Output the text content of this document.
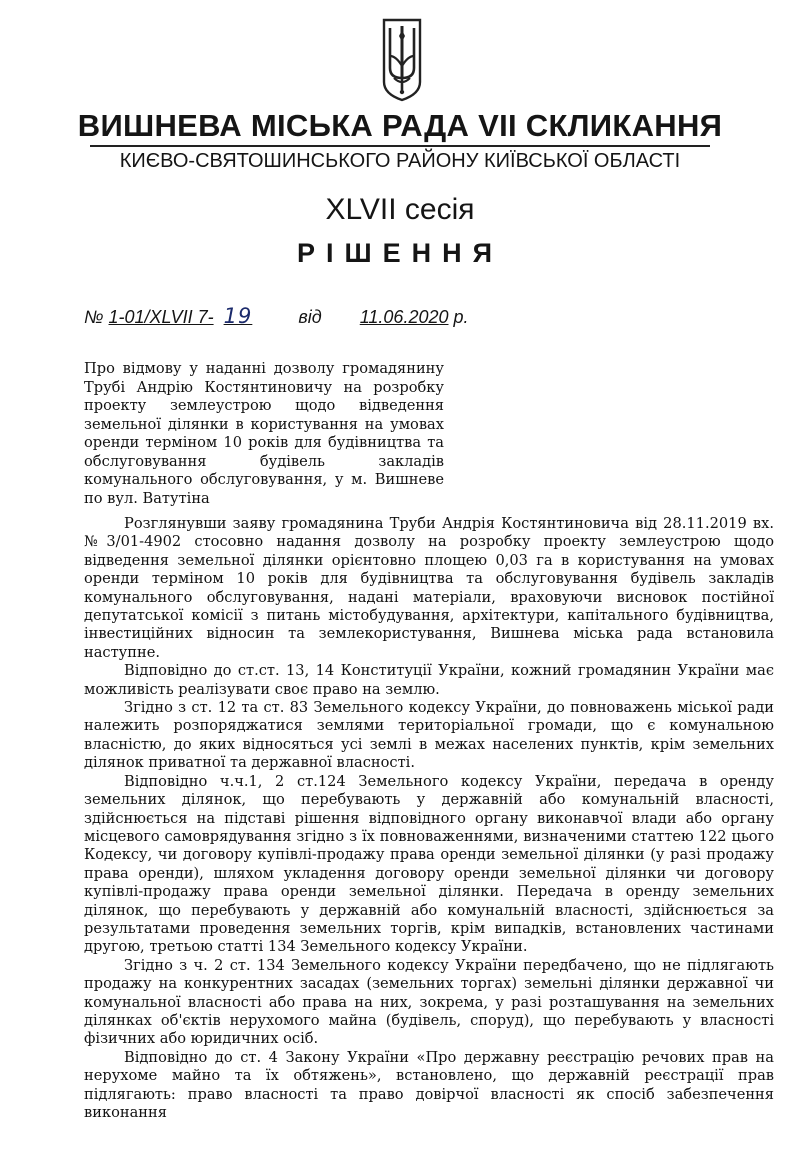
ВИШНЕВА МІСЬКА РАДА VII СКЛИКАННЯ
КИЄВО-СВЯТОШИНСЬКОГО РАЙОНУ КИЇВСЬКОЇ ОБЛАСТІ
XLVII сесія
РІШЕННЯ
№ 1-01/XLVII 7- 19	від 11.06.2020 р.
Про відмову у наданні дозволу громадянину Трубі Андрію Костянтиновичу на розробку проекту землеустрою щодо відведення земельної ділянки в користування на умовах оренди терміном 10 років для будівництва та обслуговування будівель закладів комунального обслуговування, у м. Вишневе по вул. Ватутіна

Розглянувши заяву громадянина Труби Андрія Костянтиновича від 28.11.2019 вх.№3/01-4902 стосовно надання дозволу на розробку проекту землеустрою щодо відведення земельної ділянки орієнтовно площею 0,03 га в користування на умовах оренди терміном 10 років для будівництва та обслуговування будівель закладів комунального обслуговування, надані матеріали, враховуючи висновок постійної депутатської комісії з питань містобудування, архітектури, капітального будівництва, інвестиційних відносин та землекористування, Вишнева міська рада встановила наступне.

Відповідно до ст.ст. 13, 14 Конституції України, кожний громадянин України має можливість реалізувати своє право на землю.

Згідно з ст. 12 та ст. 83 Земельного кодексу України, до повноважень міської ради належить розпоряджатися землями територіальної громади, що є комунальною власністю, до яких відносяться усі землі в межах населених пунктів, крім земельних ділянок приватної та державної власності.

Відповідно ч.ч.1, 2 ст.124 Земельного кодексу України, передача в оренду земельних ділянок, що перебувають у державній або комунальній власності, здійснюється на підставі рішення відповідного органу виконавчої влади або органу місцевого самоврядування згідно з їх повноваженнями, визначеними статтею 122 цього Кодексу, чи договору купівлі-продажу права оренди земельної ділянки (у разі продажу права оренди), шляхом укладення договору оренди земельної ділянки чи договору купівлі-продажу права оренди земельної ділянки. Передача в оренду земельних ділянок, що перебувають у державній або комунальній власності, здійснюється за результатами проведення земельних торгів, крім випадків, встановлених частинами другою, третьою статті 134 Земельного кодексу України.

Згідно з ч. 2 ст. 134 Земельного кодексу України передбачено, що не підлягають продажу на конкурентних засадах (земельних торгах) земельні ділянки державної чи комунальної власності або права на них, зокрема, у разі розташування на земельних ділянках об'єктів нерухомого майна (будівель, споруд), що перебувають у власності фізичних або юридичних осіб.

Відповідно до ст. 4 Закону України «Про державну реєстрацію речових прав на нерухоме майно та їх обтяжень», встановлено, що державній реєстрації прав підлягають: право власності та право довірчої власності як спосіб забезпечення виконання
